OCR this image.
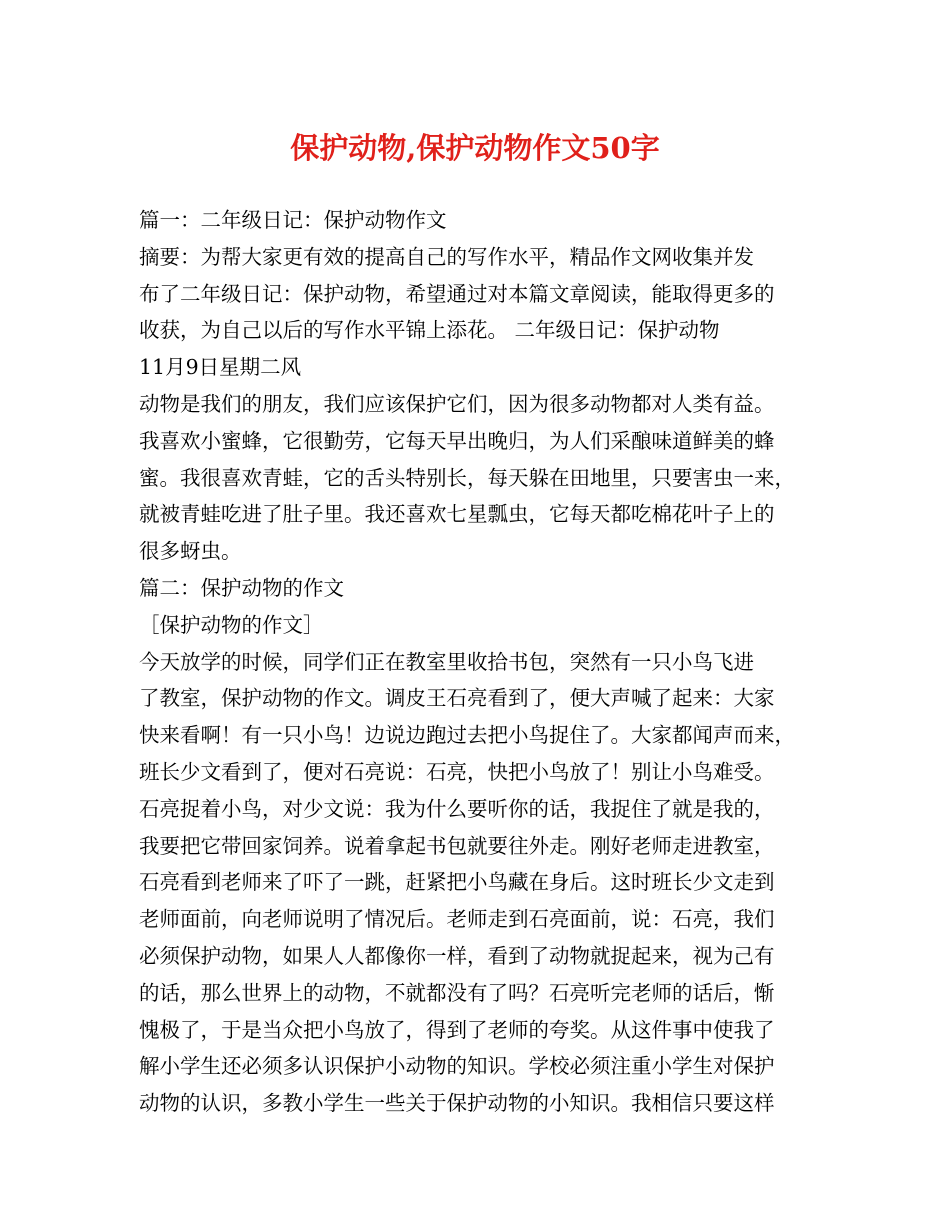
保护动物,保护动物作文50字
篇一：二年级日记：保护动物作文
摘要：为帮大家更有效的提高自己的写作水平，精品作文网收集并发
布了二年级日记：保护动物，希望通过对本篇文章阅读，能取得更多的
收获，为自己以后的写作水平锦上添花。 二年级日记：保护动物
11月9日星期二风
动物是我们的朋友，我们应该保护它们，因为很多动物都对人类有益。
我喜欢小蜜蜂，它很勤劳，它每天早出晚归，为人们采酿味道鲜美的蜂
蜜。我很喜欢青蛙，它的舌头特别长，每天躲在田地里，只要害虫一来，
就被青蛙吃进了肚子里。我还喜欢七星瓢虫，它每天都吃棉花叶子上的
很多蚜虫。
篇二：保护动物的作文
［保护动物的作文］
今天放学的时候，同学们正在教室里收拾书包，突然有一只小鸟飞进
了教室，保护动物的作文。调皮王石亮看到了，便大声喊了起来：大家
快来看啊！有一只小鸟！边说边跑过去把小鸟捉住了。大家都闻声而来，
班长少文看到了，便对石亮说：石亮，快把小鸟放了！别让小鸟难受。
石亮捉着小鸟，对少文说：我为什么要听你的话，我捉住了就是我的，
我要把它带回家饲养。说着拿起书包就要往外走。刚好老师走进教室，
石亮看到老师来了吓了一跳，赶紧把小鸟藏在身后。这时班长少文走到
老师面前，向老师说明了情况后。老师走到石亮面前，说：石亮，我们
必须保护动物，如果人人都像你一样，看到了动物就捉起来，视为己有
的话，那么世界上的动物，不就都没有了吗？石亮听完老师的话后，惭
愧极了，于是当众把小鸟放了，得到了老师的夸奖。从这件事中使我了
解小学生还必须多认识保护小动物的知识。学校必须注重小学生对保护
动物的认识，多教小学生一些关于保护动物的小知识。我相信只要这样
